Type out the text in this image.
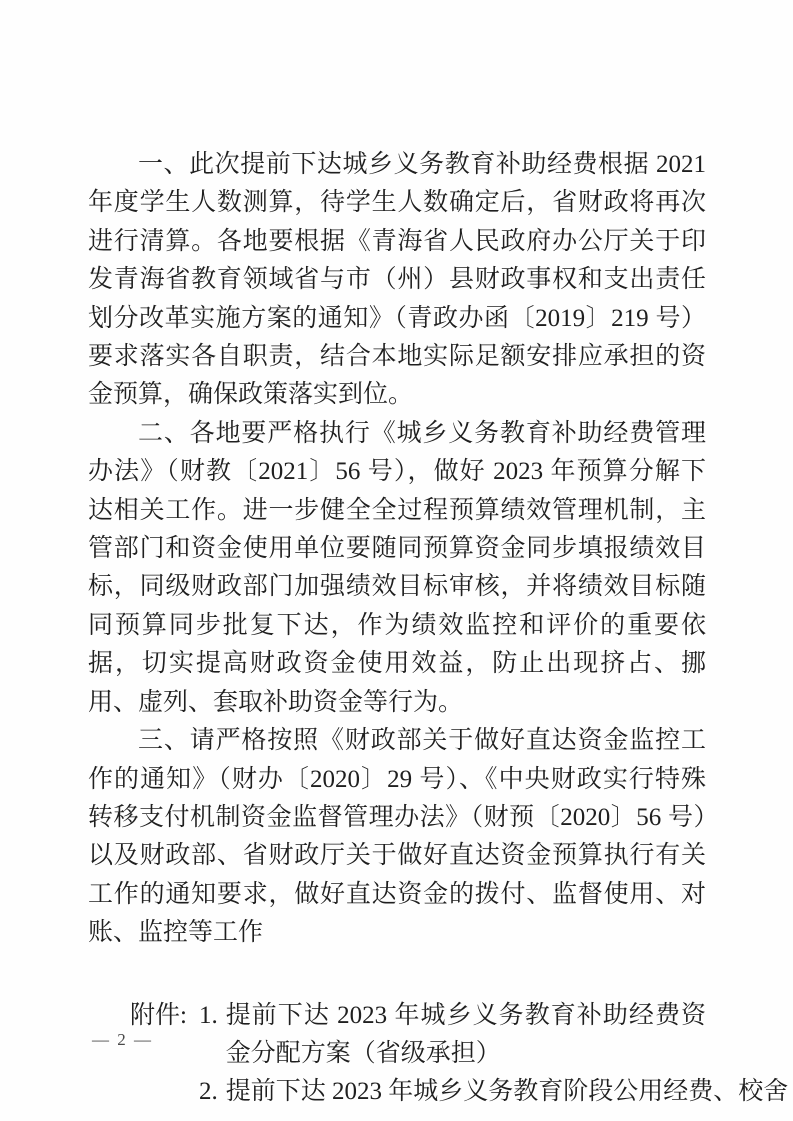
一、此次提前下达城乡义务教育补助经费根据 2021 年度学生人数测算，待学生人数确定后，省财政将再次进行清算。各地要根据《青海省人民政府办公厅关于印发青海省教育领域省与市（州）县财政事权和支出责任划分改革实施方案的通知》（青政办函〔2019〕219 号）要求落实各自职责，结合本地实际足额安排应承担的资金预算，确保政策落实到位。

二、各地要严格执行《城乡义务教育补助经费管理办法》（财教〔2021〕56 号），做好 2023 年预算分解下达相关工作。进一步健全全过程预算绩效管理机制，主管部门和资金使用单位要随同预算资金同步填报绩效目标，同级财政部门加强绩效目标审核，并将绩效目标随同预算同步批复下达，作为绩效监控和评价的重要依据，切实提高财政资金使用效益，防止出现挤占、挪用、虚列、套取补助资金等行为。

三、请严格按照《财政部关于做好直达资金监控工作的通知》（财办〔2020〕29 号）、《中央财政实行特殊转移支付机制资金监督管理办法》（财预〔2020〕56 号）以及财政部、省财政厅关于做好直达资金预算执行有关工作的通知要求，做好直达资金的拨付、监督使用、对账、监控等工作

附件: 1. 提前下达 2023 年城乡义务教育补助经费资金分配方案（省级承担）
2. 提前下达 2023 年城乡义务教育阶段公用经费、校舍
— 2 —
